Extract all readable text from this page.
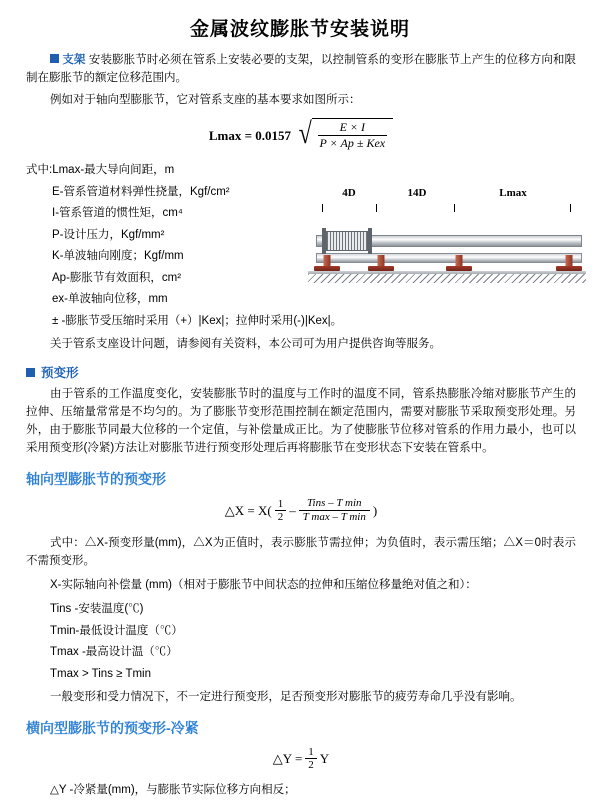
金属波纹膨胀节安装说明

支架 安装膨胀节时必须在管系上安装必要的支架，以控制管系的变形在膨胀节上产生的位移方向和限制在膨胀节的额定位移范围内。

例如对于轴向型膨胀节，它对管系支座的基本要求如图所示：

Lmax = 0.0157 √ $\frac{E \times I}{\text{P × Ap ± Kex}}$
式中:Lmax-最大导向间距，m
E-管系管道材料弹性挠量，Kgf/cm²
I-管系管道的惯性矩，cm⁴
P-设计压力，Kgf/mm²
K-单波轴向刚度；Kgf/mm
Ap-膨胀节有效面积，cm²
ex-单波轴向位移，mm
± -膨胀节受压缩时采用（+）|Kex|；拉伸时采用(-)|Kex|。
4D	14D	Lmax

关于管系支座设计问题，请参阅有关资料，本公司可为用户提供咨询等服务。

预变形

由于管系的工作温度变化，安装膨胀节时的温度与工作时的温度不同，管系热膨胀冷缩对膨胀节产生的拉伸、压缩量常常是不均匀的。为了膨胀节变形范围控制在额定范围内，需要对膨胀节采取预变形处理。另外，由于膨胀节同最大位移的一个定值，与补偿量成正比。为了使膨胀节位移对管系的作用力最小，也可以采用预变形(冷紧)方法让对膨胀节进行预变形处理后再将膨胀节在变形状态下安装在管系中。

轴向型膨胀节的预变形
△X = X( 1
2 –	Tins – T min
T max – T min )

式中：△X-预变形量(mm)，△X为正值时，表示膨胀节需拉伸；为负值时，表示需压缩；△X＝0时表示不需预变形。

X-实际轴向补偿量 (mm)（相对于膨胀节中间状态的拉伸和压缩位移量绝对值之和）：

Tins -安装温度(℃)
Tmin-最低设计温度（℃）
Tmax -最高设计温（℃）
Tmax > Tins ≥ Tmin

一般变形和受力情况下，不一定进行预变形，足否预变形对膨胀节的疲劳寿命几乎没有影响。

横向型膨胀节的预变形-冷紧
△Y = $\frac{1}{2}$ Y
△Y -冷紧量(mm)，与膨胀节实际位移方向相反；
